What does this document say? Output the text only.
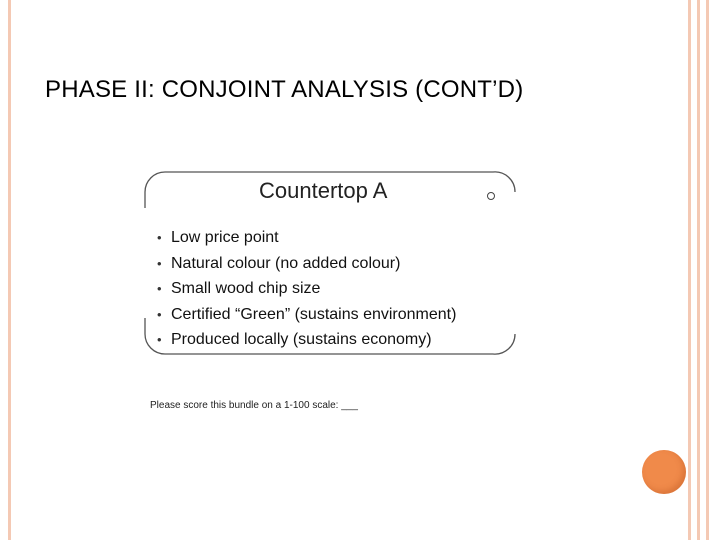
PHASE II: CONJOINT ANALYSIS (CONT’D)
Countertop A
• Low price point
• Natural colour (no added colour)
• Small wood chip size
• Certified “Green” (sustains environment)
• Produced locally (sustains economy)

Please score this bundle on a 1-100 scale: ___
